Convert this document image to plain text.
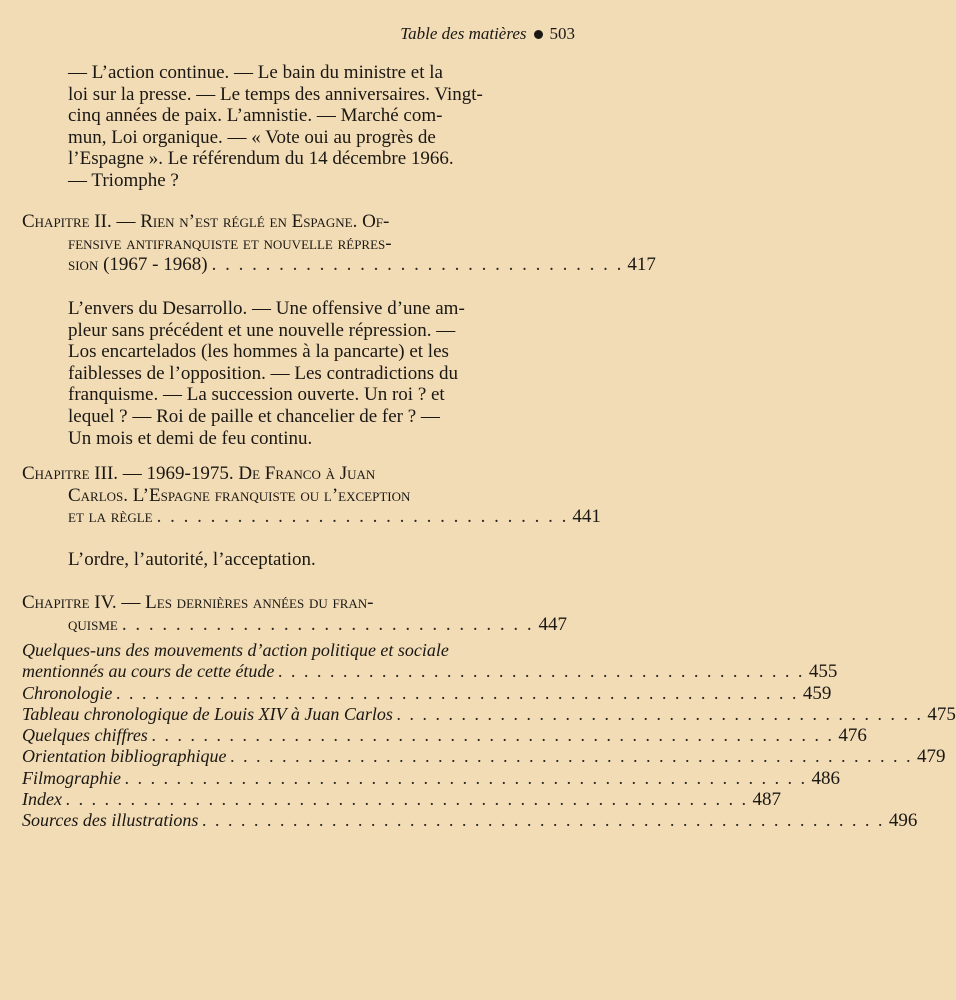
Table des matières 503
— L’action continue. — Le bain du ministre et la
loi sur la presse. — Le temps des anniversaires. Vingt-
cinq années de paix. L’amnistie. — Marché com-
mun, Loi organique. — « Vote oui au progrès de
l’Espagne ». Le référendum du 14 décembre 1966.
— Triomphe ?
Chapitre II. — Rien n’est réglé en Espagne. Of-
fensive antifranquiste et nouvelle répres-
sion (1967 - 1968) . . . . . . . . . . . . . . . . . . . . . . . . . . . . . . . 417
L’envers du Desarrollo. — Une offensive d’une am-
pleur sans précédent et une nouvelle répression. —
Los encartelados (les hommes à la pancarte) et les
faiblesses de l’opposition. — Les contradictions du
franquisme. — La succession ouverte. Un roi ? et
lequel ? — Roi de paille et chancelier de fer ? —
Un mois et demi de feu continu.
Chapitre III. — 1969-1975. De Franco à Juan
Carlos. L’Espagne franquiste ou l’exception
et la règle . . . . . . . . . . . . . . . . . . . . . . . . . . . . . . . 441
L’ordre, l’autorité, l’acceptation.
Chapitre IV. — Les dernières années du fran-
quisme . . . . . . . . . . . . . . . . . . . . . . . . . . . . . . . 447
Quelques-uns des mouvements d’action politique et sociale
mentionnés au cours de cette étude . . . . . . . . . . . . . . . . . . . . . . . . . . . . . . . . . . . . . . . . . 455
Chronologie . . . . . . . . . . . . . . . . . . . . . . . . . . . . . . . . . . . . . . . . . . . . . . . . . . . . . 459
Tableau chronologique de Louis XIV à Juan Carlos . . . . . . . . . . . . . . . . . . . . . . . . . . . . . . . . . . . . . . . . . 475
Quelques chiffres . . . . . . . . . . . . . . . . . . . . . . . . . . . . . . . . . . . . . . . . . . . . . . . . . . . . . 476
Orientation bibliographique . . . . . . . . . . . . . . . . . . . . . . . . . . . . . . . . . . . . . . . . . . . . . . . . . . . . . 479
Filmographie . . . . . . . . . . . . . . . . . . . . . . . . . . . . . . . . . . . . . . . . . . . . . . . . . . . . . 486
Index . . . . . . . . . . . . . . . . . . . . . . . . . . . . . . . . . . . . . . . . . . . . . . . . . . . . . 487
Sources des illustrations . . . . . . . . . . . . . . . . . . . . . . . . . . . . . . . . . . . . . . . . . . . . . . . . . . . . . 496
